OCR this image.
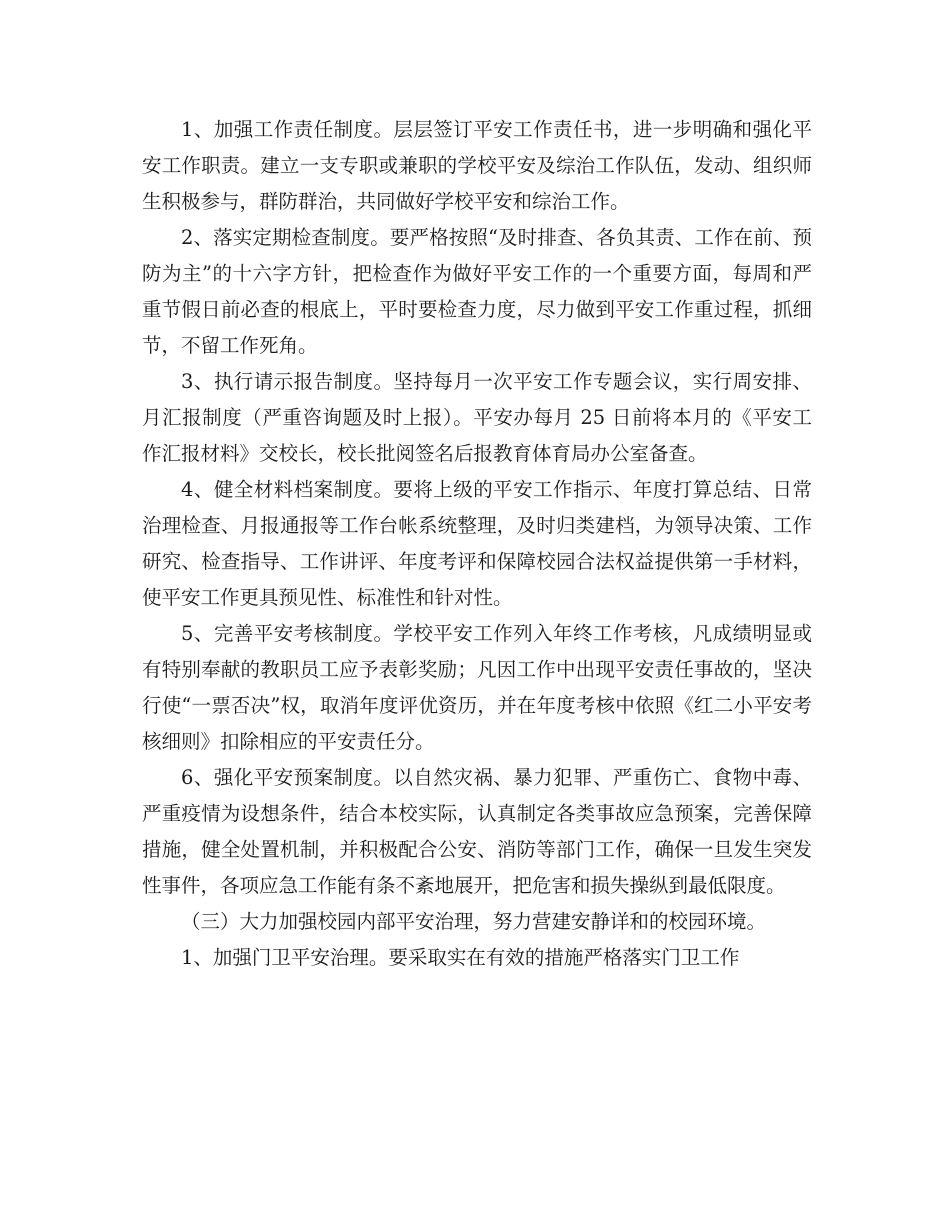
1、加强工作责任制度。层层签订平安工作责任书，进一步明确和强化平安工作职责。建立一支专职或兼职的学校平安及综治工作队伍，发动、组织师生积极参与，群防群治，共同做好学校平安和综治工作。

2、落实定期检查制度。要严格按照“及时排查、各负其责、工作在前、预防为主”的十六字方针，把检查作为做好平安工作的一个重要方面，每周和严重节假日前必查的根底上，平时要检查力度，尽力做到平安工作重过程，抓细节，不留工作死角。

3、执行请示报告制度。坚持每月一次平安工作专题会议，实行周安排、月汇报制度（严重咨询题及时上报）。平安办每月 25 日前将本月的《平安工作汇报材料》交校长，校长批阅签名后报教育体育局办公室备查。

4、健全材料档案制度。要将上级的平安工作指示、年度打算总结、日常治理检查、月报通报等工作台帐系统整理，及时归类建档，为领导决策、工作研究、检查指导、工作讲评、年度考评和保障校园合法权益提供第一手材料，使平安工作更具预见性、标准性和针对性。

5、完善平安考核制度。学校平安工作列入年终工作考核，凡成绩明显或有特别奉献的教职员工应予表彰奖励；凡因工作中出现平安责任事故的，坚决行使“一票否决”权，取消年度评优资历，并在年度考核中依照《红二小平安考核细则》扣除相应的平安责任分。

6、强化平安预案制度。以自然灾祸、暴力犯罪、严重伤亡、食物中毒、严重疫情为设想条件，结合本校实际，认真制定各类事故应急预案，完善保障措施，健全处置机制，并积极配合公安、消防等部门工作，确保一旦发生突发性事件，各项应急工作能有条不紊地展开，把危害和损失操纵到最低限度。

（三）大力加强校园内部平安治理，努力营建安静详和的校园环境。

1、加强门卫平安治理。要采取实在有效的措施严格落实门卫工作
